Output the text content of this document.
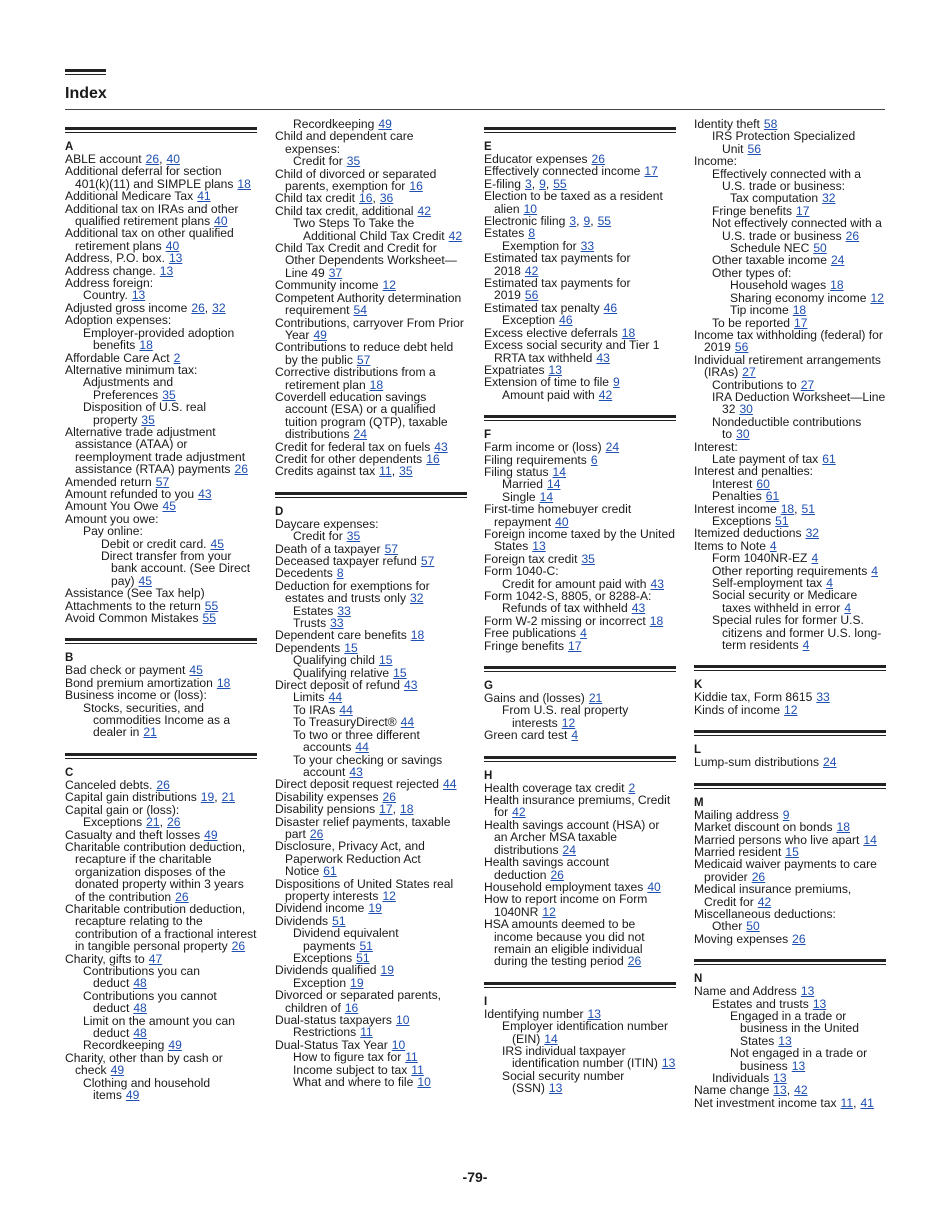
Index
A
ABLE account 26, 40
Additional deferral for section 401(k)(11) and SIMPLE plans 18
Additional Medicare Tax 41
Additional tax on IRAs and other qualified retirement plans 40
Additional tax on other qualified retirement plans 40
Address, P.O. box. 13
Address change. 13
Address foreign:
Country. 13
Adjusted gross income 26, 32
Adoption expenses:
Employer-provided adoption benefits 18
Affordable Care Act 2
Alternative minimum tax:
Adjustments and Preferences 35
Disposition of U.S. real property 35
Alternative trade adjustment assistance (ATAA) or reemployment trade adjustment assistance (RTAA) payments 26
Amended return 57
Amount refunded to you 43
Amount You Owe 45
Amount you owe:
Pay online:
Debit or credit card. 45
Direct transfer from your bank account. (See Direct pay) 45
Assistance (See Tax help)
Attachments to the return 55
Avoid Common Mistakes 55
B
Bad check or payment 45
Bond premium amortization 18
Business income or (loss):
Stocks, securities, and commodities Income as a dealer in 21
C
Canceled debts. 26
Capital gain distributions 19, 21
Capital gain or (loss):
Exceptions 21, 26
Casualty and theft losses 49
Charitable contribution deduction, recapture if the charitable organization disposes of the donated property within 3 years of the contribution 26
Charitable contribution deduction, recapture relating to the contribution of a fractional interest in tangible personal property 26
Charity, gifts to 47
Contributions you can deduct 48
Contributions you cannot deduct 48
Limit on the amount you can deduct 48
Recordkeeping 49
Charity, other than by cash or check 49
Clothing and household items 49
Recordkeeping 49
Child and dependent care expenses:
Credit for 35
Child of divorced or separated parents, exemption for 16
Child tax credit 16, 36
Child tax credit, additional 42
Two Steps To Take the Additional Child Tax Credit 42
Child Tax Credit and Credit for Other Dependents Worksheet—Line 49 37
Community income 12
Competent Authority determination requirement 54
Contributions, carryover From Prior Year 49
Contributions to reduce debt held by the public 57
Corrective distributions from a retirement plan 18
Coverdell education savings account (ESA) or a qualified tuition program (QTP), taxable distributions 24
Credit for federal tax on fuels 43
Credit for other dependents 16
Credits against tax 11, 35
D
Daycare expenses:
Credit for 35
Death of a taxpayer 57
Deceased taxpayer refund 57
Decedents 8
Deduction for exemptions for estates and trusts only 32
Estates 33
Trusts 33
Dependent care benefits 18
Dependents 15
Qualifying child 15
Qualifying relative 15
Direct deposit of refund 43
Limits 44
To IRAs 44
To TreasuryDirect® 44
To two or three different accounts 44
To your checking or savings account 43
Direct deposit request rejected 44
Disability expenses 26
Disability pensions 17, 18
Disaster relief payments, taxable part 26
Disclosure, Privacy Act, and Paperwork Reduction Act Notice 61
Dispositions of United States real property interests 12
Dividend income 19
Dividends 51
Dividend equivalent payments 51
Exceptions 51
Dividends qualified 19
Exception 19
Divorced or separated parents, children of 16
Dual-status taxpayers 10
Restrictions 11
Dual-Status Tax Year 10
How to figure tax for 11
Income subject to tax 11
What and where to file 10
E
Educator expenses 26
Effectively connected income 17
E-filing 3, 9, 55
Election to be taxed as a resident alien 10
Electronic filing 3, 9, 55
Estates 8
Exemption for 33
Estimated tax payments for 2018 42
Estimated tax payments for 2019 56
Estimated tax penalty 46
Exception 46
Excess elective deferrals 18
Excess social security and Tier 1 RRTA tax withheld 43
Expatriates 13
Extension of time to file 9
Amount paid with 42
F
Farm income or (loss) 24
Filing requirements 6
Filing status 14
Married 14
Single 14
First-time homebuyer credit repayment 40
Foreign income taxed by the United States 13
Foreign tax credit 35
Form 1040-C:
Credit for amount paid with 43
Form 1042-S, 8805, or 8288-A:
Refunds of tax withheld 43
Form W-2 missing or incorrect 18
Free publications 4
Fringe benefits 17
G
Gains and (losses) 21
From U.S. real property interests 12
Green card test 4
H
Health coverage tax credit 2
Health insurance premiums, Credit for 42
Health savings account (HSA) or an Archer MSA taxable distributions 24
Health savings account deduction 26
Household employment taxes 40
How to report income on Form 1040NR 12
HSA amounts deemed to be income because you did not remain an eligible individual during the testing period 26
I
Identifying number 13
Employer identification number (EIN) 14
IRS individual taxpayer identification number (ITIN) 13
Social security number (SSN) 13
Identity theft 58
IRS Protection Specialized Unit 56
Income:
Effectively connected with a U.S. trade or business:
Tax computation 32
Fringe benefits 17
Not effectively connected with a U.S. trade or business 26
Schedule NEC 50
Other taxable income 24
Other types of:
Household wages 18
Sharing economy income 12
Tip income 18
To be reported 17
Income tax withholding (federal) for 2019 56
Individual retirement arrangements (IRAs) 27
Contributions to 27
IRA Deduction Worksheet—Line 32 30
Nondeductible contributions to 30
Interest:
Late payment of tax 61
Interest and penalties:
Interest 60
Penalties 61
Interest income 18, 51
Exceptions 51
Itemized deductions 32
Items to Note 4
Form 1040NR-EZ 4
Other reporting requirements 4
Self-employment tax 4
Social security or Medicare taxes withheld in error 4
Special rules for former U.S. citizens and former U.S. long-term residents 4
K
Kiddie tax, Form 8615 33
Kinds of income 12
L
Lump-sum distributions 24
M
Mailing address 9
Market discount on bonds 18
Married persons who live apart 14
Married resident 15
Medicaid waiver payments to care provider 26
Medical insurance premiums, Credit for 42
Miscellaneous deductions:
Other 50
Moving expenses 26
N
Name and Address 13
Estates and trusts 13
Engaged in a trade or business in the United States 13
Not engaged in a trade or business 13
Individuals 13
Name change 13, 42
Net investment income tax 11, 41
-79-
